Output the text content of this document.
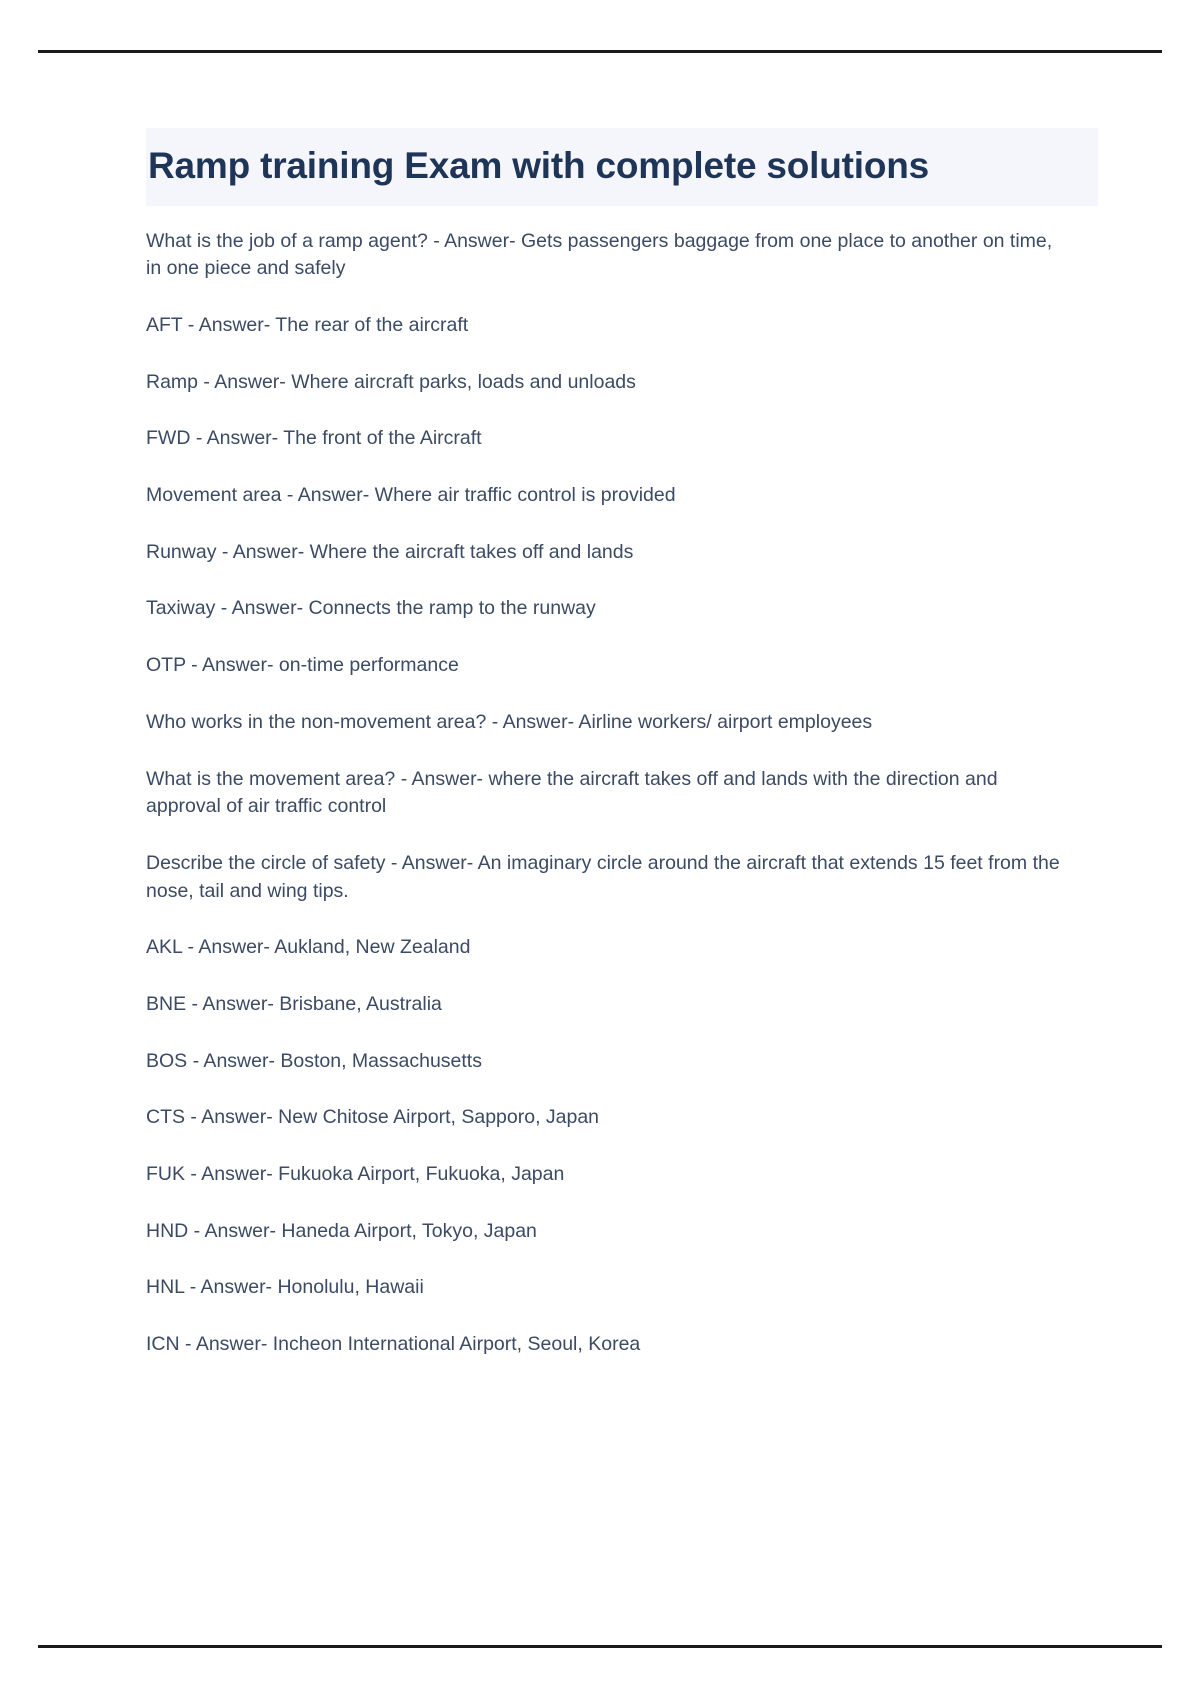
Ramp training Exam with complete solutions

What is the job of a ramp agent? - Answer- Gets passengers baggage from one place to another on time, in one piece and safely

AFT - Answer- The rear of the aircraft

Ramp - Answer- Where aircraft parks, loads and unloads

FWD - Answer- The front of the Aircraft

Movement area - Answer- Where air traffic control is provided

Runway - Answer- Where the aircraft takes off and lands

Taxiway - Answer- Connects the ramp to the runway

OTP - Answer- on-time performance

Who works in the non-movement area? - Answer- Airline workers/ airport employees

What is the movement area? - Answer- where the aircraft takes off and lands with the direction and approval of air traffic control

Describe the circle of safety - Answer- An imaginary circle around the aircraft that extends 15 feet from the nose, tail and wing tips.

AKL - Answer- Aukland, New Zealand

BNE - Answer- Brisbane, Australia

BOS - Answer- Boston, Massachusetts

CTS - Answer- New Chitose Airport, Sapporo, Japan

FUK - Answer- Fukuoka Airport, Fukuoka, Japan

HND - Answer- Haneda Airport, Tokyo, Japan

HNL - Answer- Honolulu, Hawaii

ICN - Answer- Incheon International Airport, Seoul, Korea
